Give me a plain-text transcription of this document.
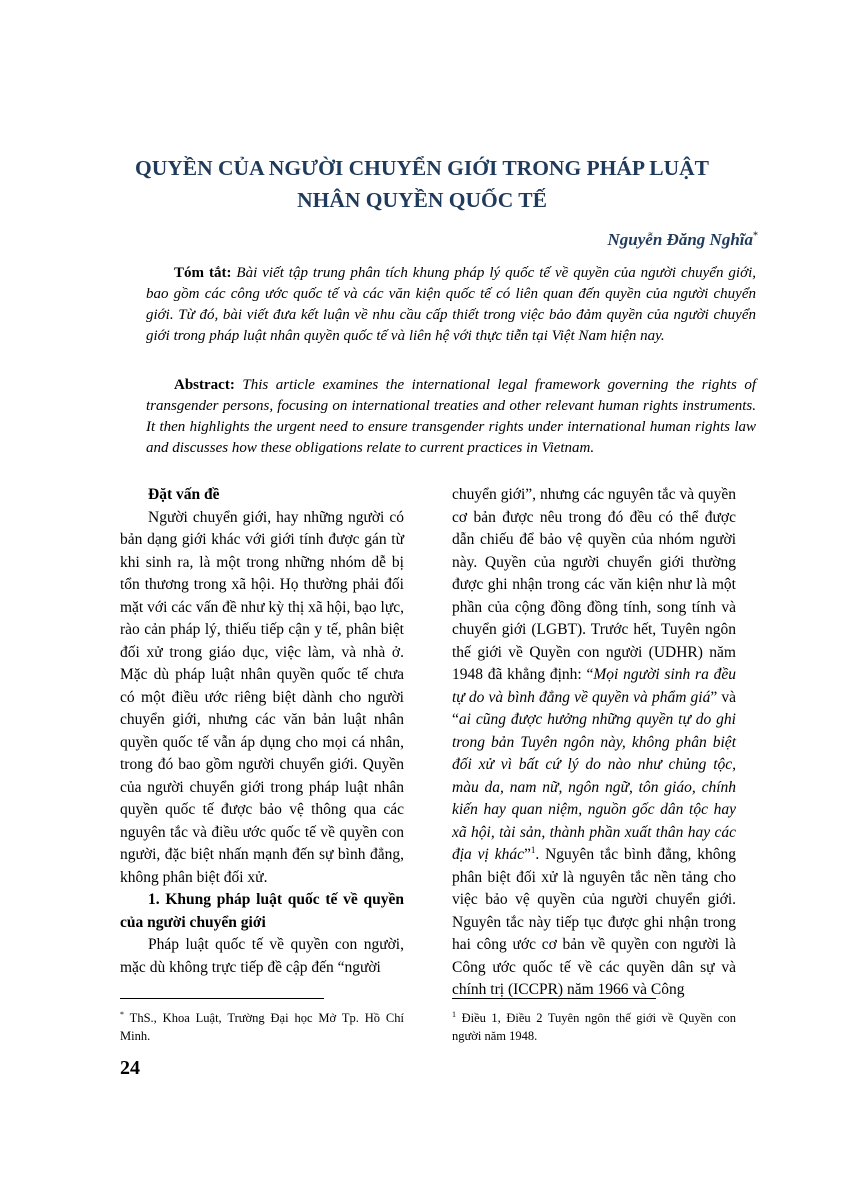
QUYỀN CỦA NGƯỜI CHUYỂN GIỚI TRONG PHÁP LUẬT
NHÂN QUYỀN QUỐC TẾ
Nguyễn Đăng Nghĩa*

Tóm tắt: Bài viết tập trung phân tích khung pháp lý quốc tế về quyền của người chuyển giới, bao gồm các công ước quốc tế và các văn kiện quốc tế có liên quan đến quyền của người chuyển giới. Từ đó, bài viết đưa kết luận về nhu cầu cấp thiết trong việc bảo đảm quyền của người chuyển giới trong pháp luật nhân quyền quốc tế và liên hệ với thực tiễn tại Việt Nam hiện nay.

Abstract: This article examines the international legal framework governing the rights of transgender persons, focusing on international treaties and other relevant human rights instruments. It then highlights the urgent need to ensure transgender rights under international human rights law and discusses how these obligations relate to current practices in Vietnam.

Đặt vấn đề

Người chuyển giới, hay những người có bản dạng giới khác với giới tính được gán từ khi sinh ra, là một trong những nhóm dễ bị tổn thương trong xã hội. Họ thường phải đối mặt với các vấn đề như kỳ thị xã hội, bạo lực, rào cản pháp lý, thiếu tiếp cận y tế, phân biệt đối xử trong giáo dục, việc làm, và nhà ở. Mặc dù pháp luật nhân quyền quốc tế chưa có một điều ước riêng biệt dành cho người chuyển giới, nhưng các văn bản luật nhân quyền quốc tế vẫn áp dụng cho mọi cá nhân, trong đó bao gồm người chuyển giới. Quyền của người chuyển giới trong pháp luật nhân quyền quốc tế được bảo vệ thông qua các nguyên tắc và điều ước quốc tế về quyền con người, đặc biệt nhấn mạnh đến sự bình đẳng, không phân biệt đối xử.

1. Khung pháp luật quốc tế về quyền của người chuyển giới

Pháp luật quốc tế về quyền con người, mặc dù không trực tiếp đề cập đến “người

chuyển giới”, nhưng các nguyên tắc và quyền cơ bản được nêu trong đó đều có thể được dẫn chiếu để bảo vệ quyền của nhóm người này. Quyền của người chuyển giới thường được ghi nhận trong các văn kiện như là một phần của cộng đồng đồng tính, song tính và chuyển giới (LGBT). Trước hết, Tuyên ngôn thế giới về Quyền con người (UDHR) năm 1948 đã khẳng định: “Mọi người sinh ra đều tự do và bình đẳng về quyền và phẩm giá” và “ai cũng được hưởng những quyền tự do ghi trong bản Tuyên ngôn này, không phân biệt đối xử vì bất cứ lý do nào như chủng tộc, màu da, nam nữ, ngôn ngữ, tôn giáo, chính kiến hay quan niệm, nguồn gốc dân tộc hay xã hội, tài sản, thành phần xuất thân hay các địa vị khác”$^1$. Nguyên tắc bình đẳng, không phân biệt đối xử là nguyên tắc nền tảng cho việc bảo vệ quyền của người chuyển giới. Nguyên tắc này tiếp tục được ghi nhận trong hai công ước cơ bản về quyền con người là Công ước quốc tế về các quyền dân sự và chính trị (ICCPR) năm 1966 và Công

* ThS., Khoa Luật, Trường Đại học Mở Tp. Hồ Chí Minh.

$^1$ Điều 1, Điều 2 Tuyên ngôn thế giới về Quyền con người năm 1948.

24
